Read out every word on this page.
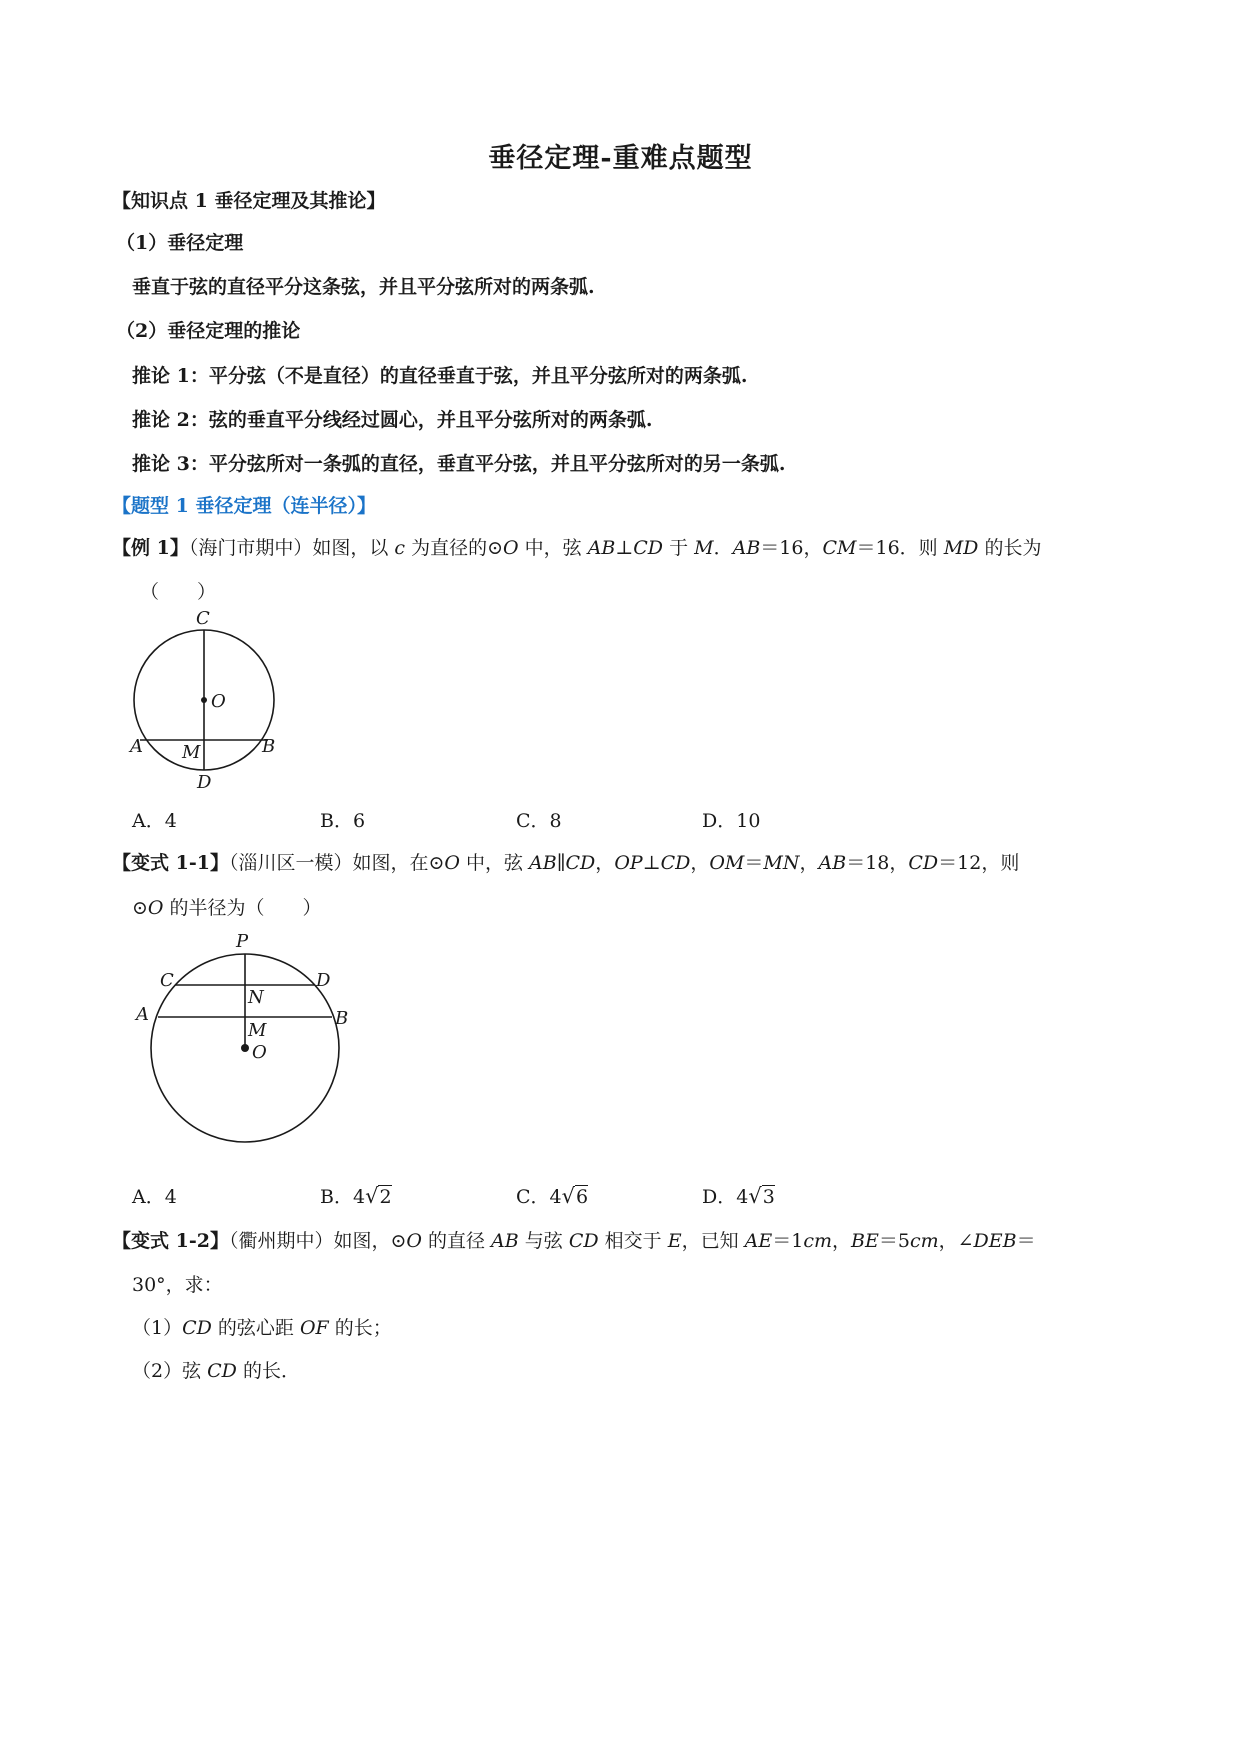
垂径定理-重难点题型
【知识点 1 垂径定理及其推论】
（1）垂径定理
垂直于弦的直径平分这条弦，并且平分弦所对的两条弧.
（2）垂径定理的推论
推论 1：平分弦（不是直径）的直径垂直于弦，并且平分弦所对的两条弧.
推论 2：弦的垂直平分线经过圆心，并且平分弦所对的两条弧.
推论 3：平分弦所对一条弧的直径，垂直平分弦，并且平分弦所对的另一条弧.
【题型 1 垂径定理（连半径）】
【例 1】（海门市期中）如图，以 c 为直径的⊙O 中，弦 AB⊥CD 于 M．AB＝16，CM＝16．则 MD 的长为
（　　）
C
O
A M	B
D
A．4	B．6	C．8	D．10
【变式 1-1】（淄川区一模）如图，在⊙O 中，弦 AB∥CD，OP⊥CD，OM＝MN，AB＝18，CD＝12，则
⊙O 的半径为（　　）
P
C	D
N
A	B
M
O
A．4	B．4√2	C．4√6	D．4√3
【变式 1-2】（衢州期中）如图，⊙O 的直径 AB 与弦 CD 相交于 E，已知 AE＝1cm，BE＝5cm，∠DEB＝
30°，求：
（1）CD 的弦心距 OF 的长；
（2）弦 CD 的长．
